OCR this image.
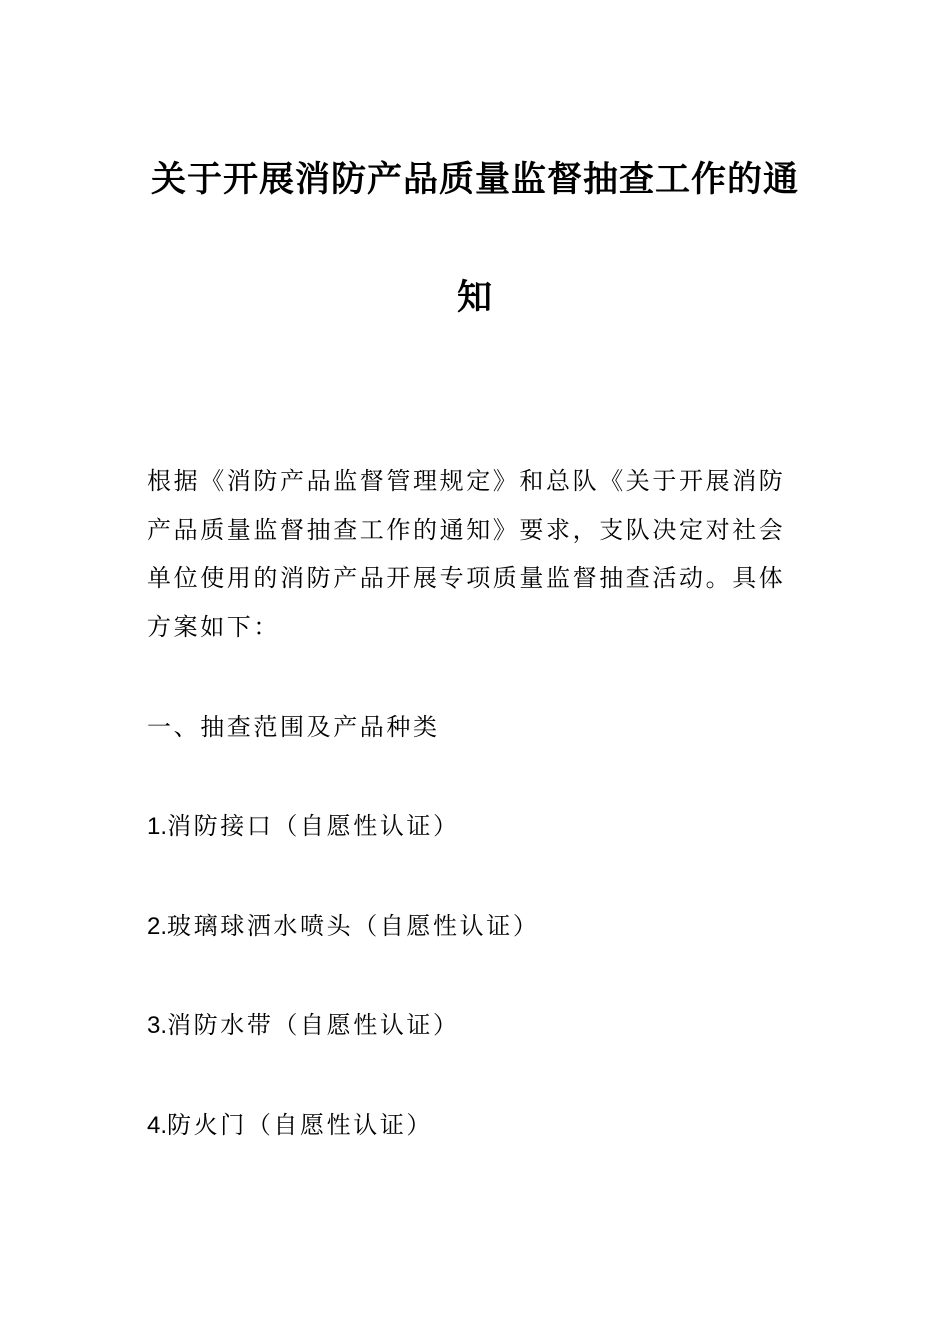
关于开展消防产品质量监督抽查工作的通
知
根据《消防产品监督管理规定》和总队《关于开展消防产品质量监督抽查工作的通知》要求，支队决定对社会单位使用的消防产品开展专项质量监督抽查活动。具体方案如下：
一、抽查范围及产品种类
1.消防接口（自愿性认证）
2.玻璃球洒水喷头（自愿性认证）
3.消防水带（自愿性认证）
4.防火门（自愿性认证）
